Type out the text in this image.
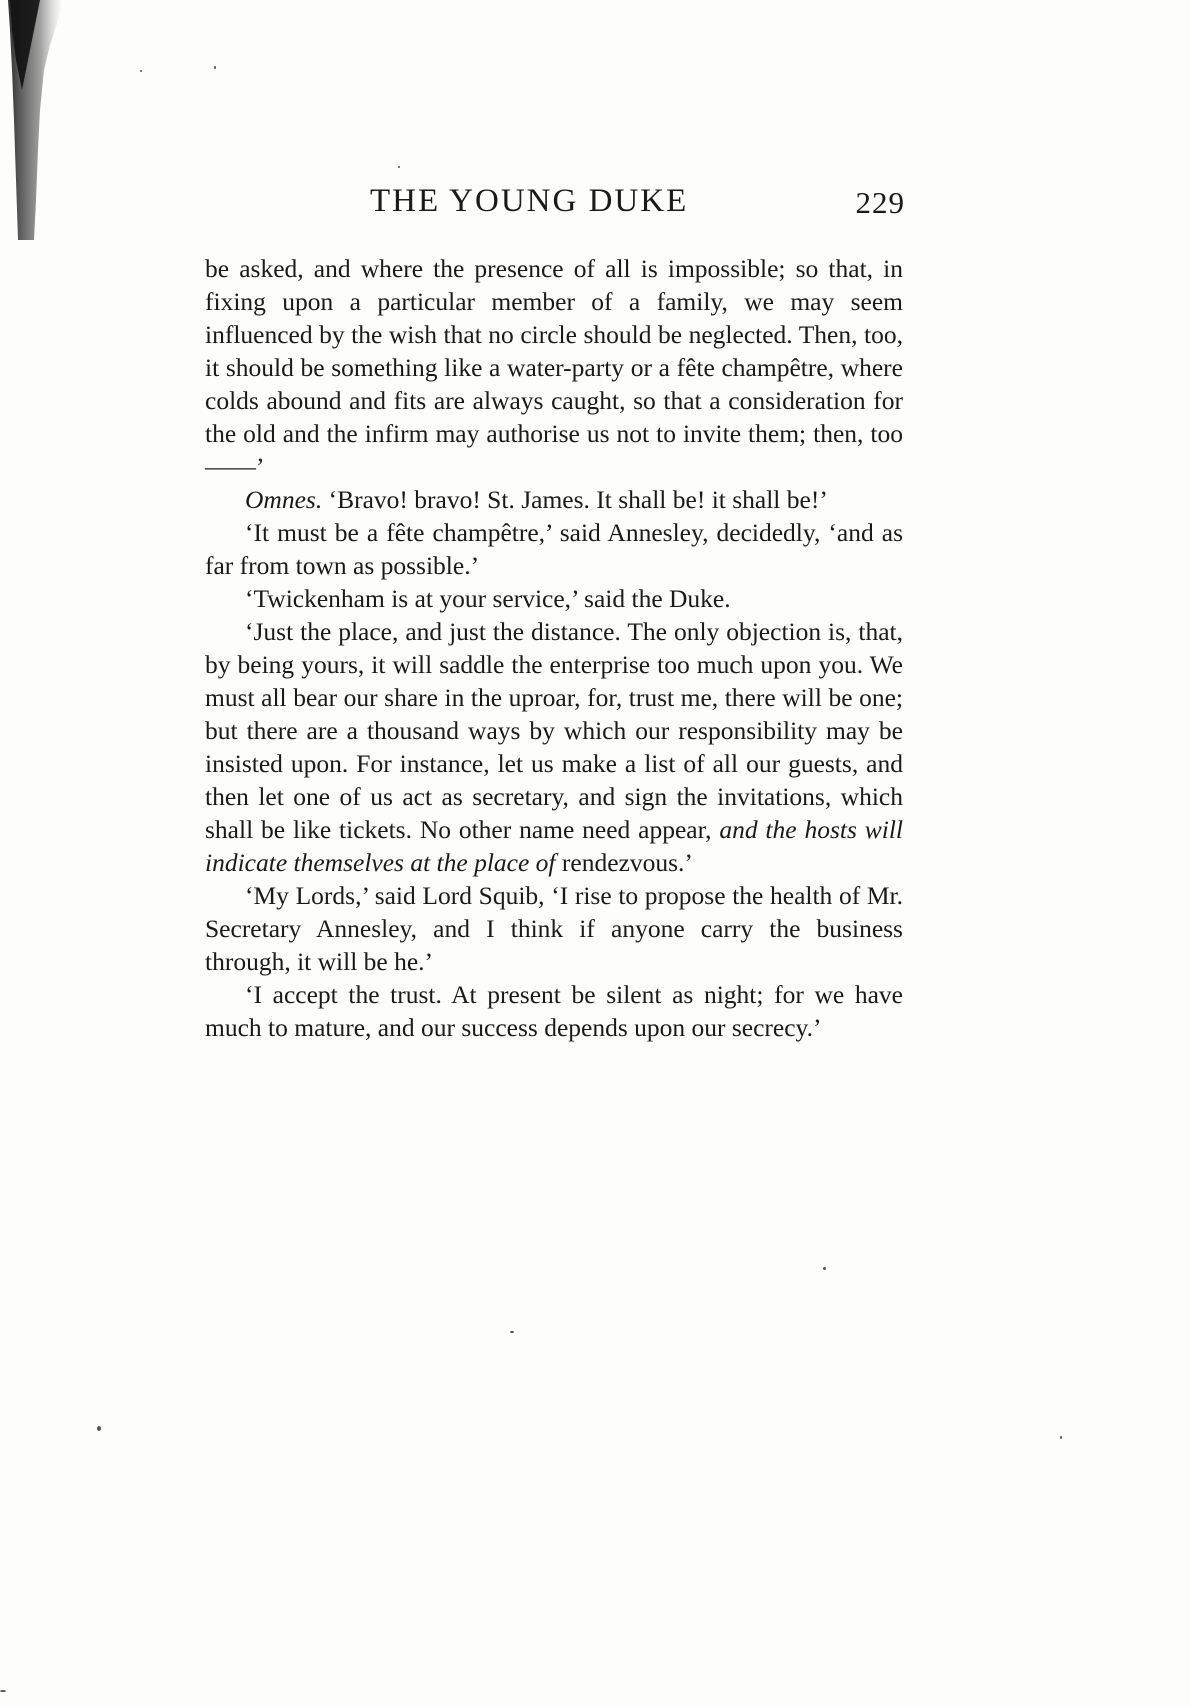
THE YOUNG DUKE	229

be asked, and where the presence of all is impossible; so that, in fixing upon a particular member of a family, we may seem influenced by the wish that no circle should be neglected. Then, too, it should be something like a water-party or a fête champêtre, where colds abound and fits are always caught, so that a consideration for the old and the infirm may authorise us not to invite them; then, too ——’

Omnes. ‘Bravo! bravo! St. James. It shall be! it shall be!’

‘It must be a fête champêtre,’ said Annesley, decidedly, ‘and as far from town as possible.’

‘Twickenham is at your service,’ said the Duke.

‘Just the place, and just the distance. The only objection is, that, by being yours, it will saddle the enterprise too much upon you. We must all bear our share in the uproar, for, trust me, there will be one; but there are a thousand ways by which our responsibility may be insisted upon. For instance, let us make a list of all our guests, and then let one of us act as secretary, and sign the invitations, which shall be like tickets. No other name need appear, and the hosts will indicate themselves at the place of rendezvous.’

‘My Lords,’ said Lord Squib, ‘I rise to propose the health of Mr. Secretary Annesley, and I think if anyone carry the business through, it will be he.’

‘I accept the trust. At present be silent as night; for we have much to mature, and our success depends upon our secrecy.’
